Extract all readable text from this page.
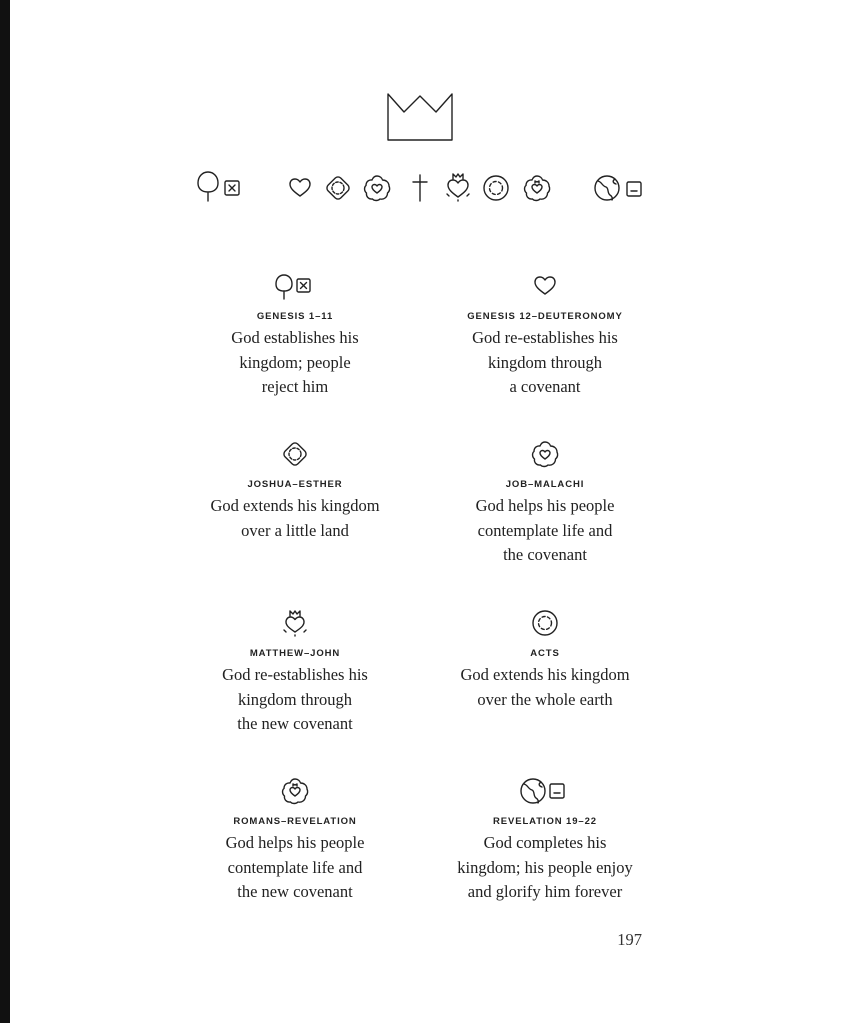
GENESIS 1–11
God establishes his
kingdom; people
reject him
GENESIS 12–DEUTERONOMY
God re-establishes his
kingdom through
a covenant
JOSHUA–ESTHER
God extends his kingdom
over a little land
JOB–MALACHI
God helps his people
contemplate life and
the covenant
MATTHEW–JOHN
God re-establishes his
kingdom through
the new covenant
ACTS
God extends his kingdom
over the whole earth
ROMANS–REVELATION
God helps his people
contemplate life and
the new covenant
REVELATION 19–22
God completes his
kingdom; his people enjoy
and glorify him forever
197
